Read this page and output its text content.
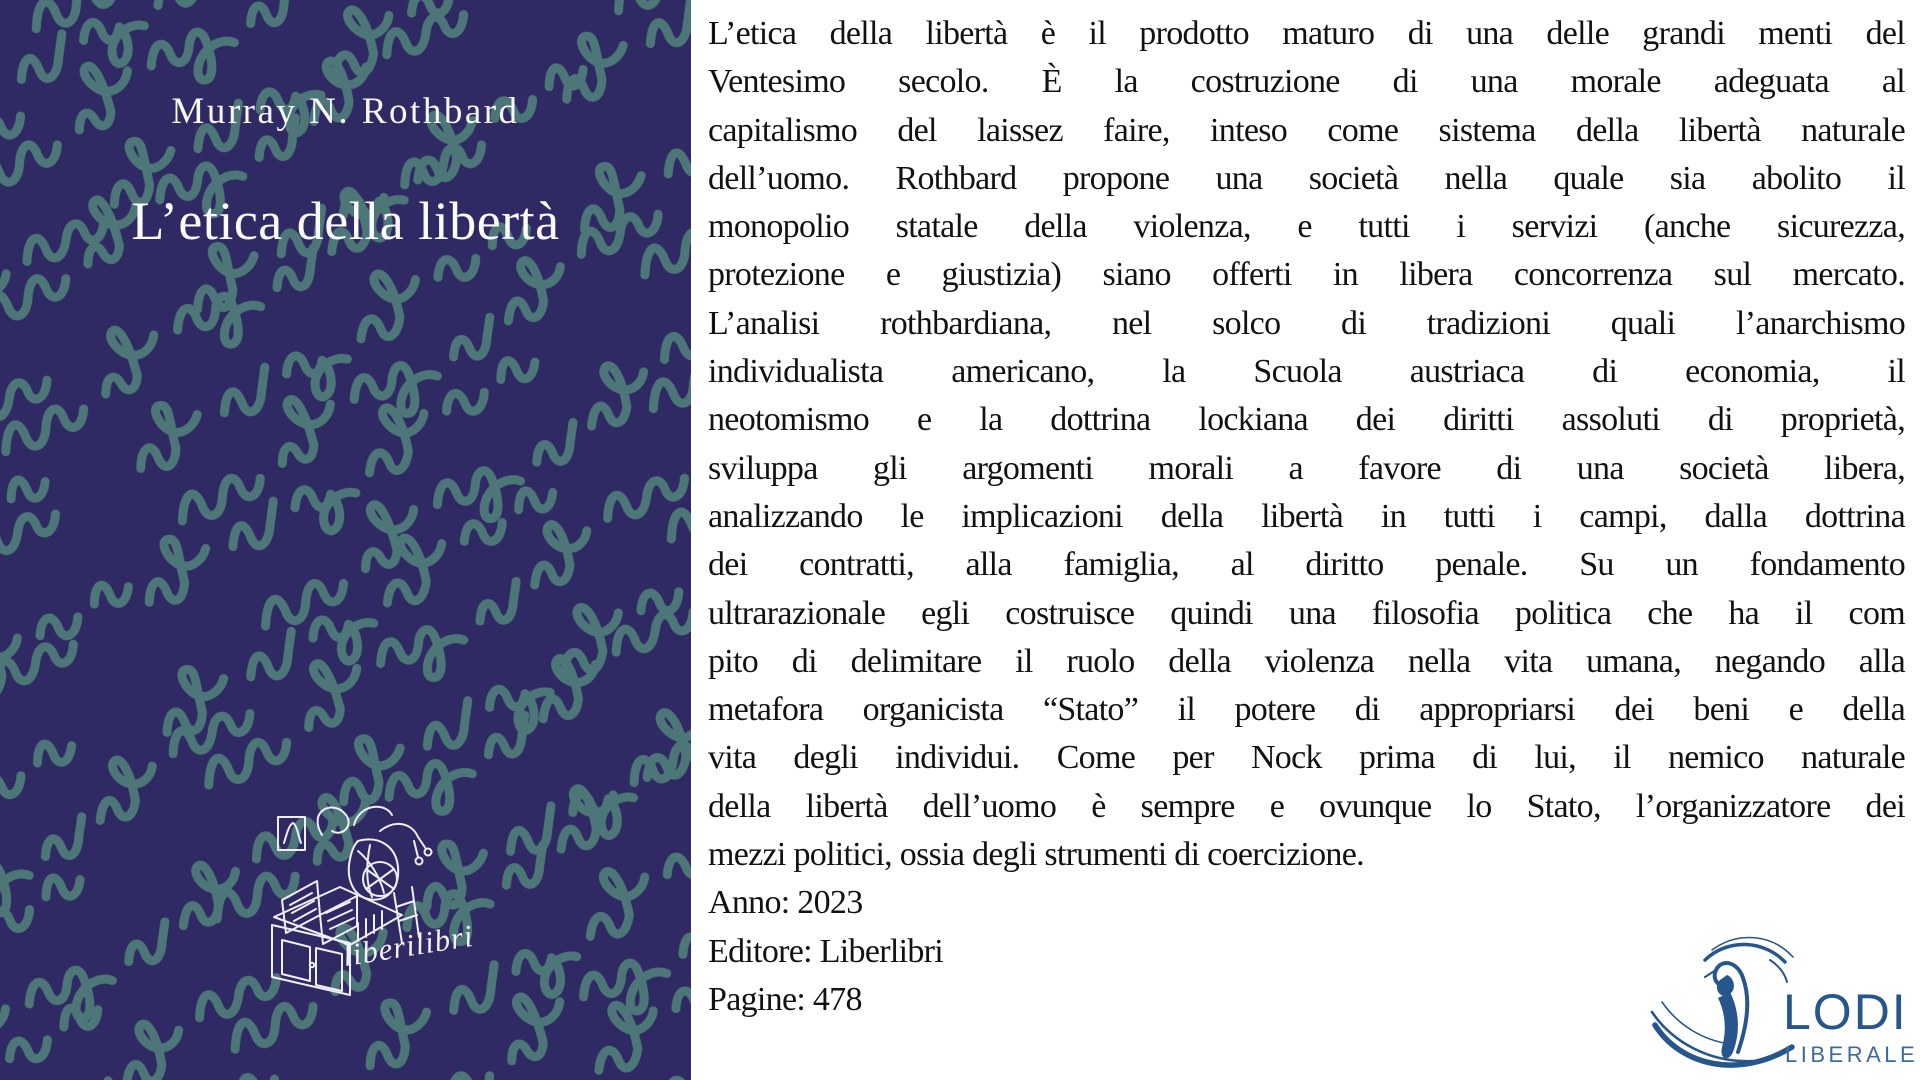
Murray N. Rothbard
L’etica della libertà
liberilibri
L’etica della libertà è il prodotto maturo di una delle grandi menti del
Ventesimo secolo. È la costruzione di una morale adeguata al
capitalismo del laissez faire, inteso come sistema della libertà naturale
dell’uomo. Rothbard propone una società nella quale sia abolito il
monopolio statale della violenza, e tutti i servizi (anche sicurezza,
protezione e giustizia) siano offerti in libera concorrenza sul mercato.
L’analisi rothbardiana, nel solco di tradizioni quali l’anarchismo
individualista americano, la Scuola austriaca di economia, il
neotomismo e la dottrina lockiana dei diritti assoluti di proprietà,
sviluppa gli argomenti morali a favore di una società libera,
analizzando le implicazioni della libertà in tutti i campi, dalla dottrina
dei contratti, alla famiglia, al diritto penale. Su un fondamento
ultrarazionale egli costruisce quindi una filosofia politica che ha il com
pito di delimitare il ruolo della violenza nella vita umana, negando alla
metafora organicista “Stato” il potere di appropriarsi dei beni e della
vita degli individui. Come per Nock prima di lui, il nemico naturale
della libertà dell’uomo è sempre e ovunque lo Stato, l’organizzatore dei
mezzi politici, ossia degli strumenti di coercizione.
Anno: 2023
Editore: Liberlibri
Pagine: 478	LODI
LIBERALE
